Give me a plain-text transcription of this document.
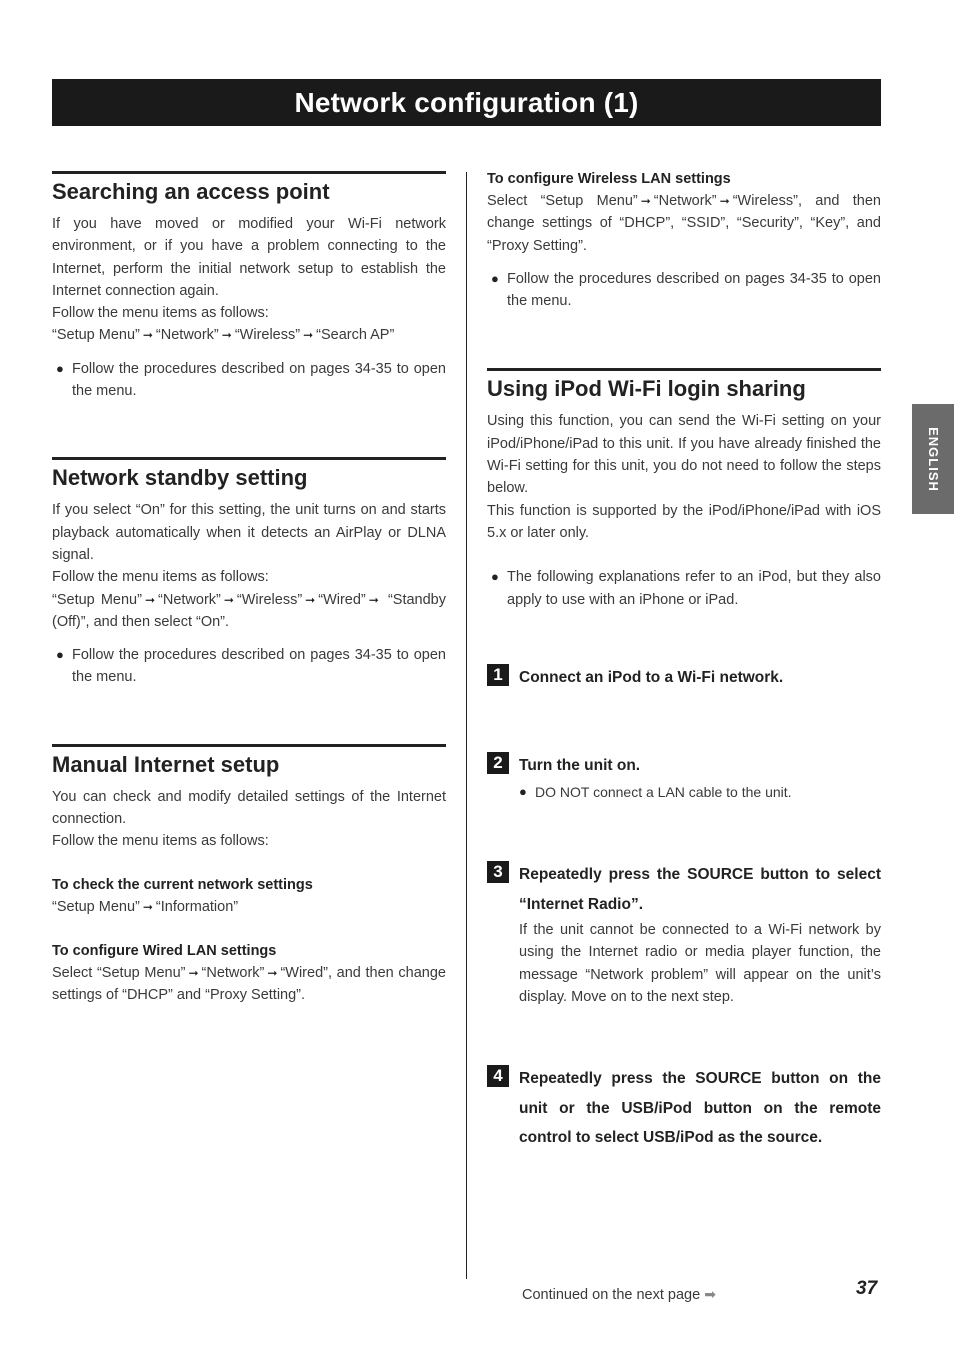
Network configuration (1)
ENGLISH
Searching an access point

If you have moved or modified your Wi-Fi network environment, or if you have a problem connecting to the Internet, perform the initial network setup to establish the Internet connection again.

Follow the menu items as follows:

“Setup Menu” ➞ “Network” ➞ “Wireless” ➞ “Search AP”

● Follow the procedures described on pages 34-35 to open the menu.
Network standby setting

If you select “On” for this setting, the unit turns on and starts playback automatically when it detects an AirPlay or DLNA signal.

Follow the menu items as follows:

“Setup Menu” ➞ “Network” ➞ “Wireless” ➞ “Wired” ➞ “Standby (Off)”, and then select “On”.

● Follow the procedures described on pages 34-35 to open the menu.
Manual Internet setup

You can check and modify detailed settings of the Internet connection.

Follow the menu items as follows:

To check the current network settings

“Setup Menu” ➞ “Information”

To configure Wired LAN settings

Select “Setup Menu” ➞ “Network” ➞ “Wired”, and then change settings of “DHCP” and “Proxy Setting”.

To configure Wireless LAN settings

Select “Setup Menu” ➞ “Network” ➞ “Wireless”, and then change settings of “DHCP”, “SSID”, “Security”, “Key”, and “Proxy Setting”.

● Follow the procedures described on pages 34-35 to open the menu.
Using iPod Wi-Fi login sharing

Using this function, you can send the Wi-Fi setting on your iPod/iPhone/iPad to this unit. If you have already finished the Wi-Fi setting for this unit, you do not need to follow the steps below.

This function is supported by the iPod/iPhone/iPad with iOS 5.x or later only.

● The following explanations refer to an iPod, but they also apply to use with an iPhone or iPad.
1	Connect an iPod to a Wi-Fi network.
2	Turn the unit on.
● DO NOT connect a LAN cable to the unit.
3	Repeatedly press the SOURCE button to select “Internet Radio”.

If the unit cannot be connected to a Wi-Fi network by using the Internet radio or media player function, the message “Network problem” will appear on the unit’s display. Move on to the next step.

4	Repeatedly press the SOURCE button on the unit or the USB/iPod button on the remote control to select USB/iPod as the source.
Continued on the next page ➡	37
